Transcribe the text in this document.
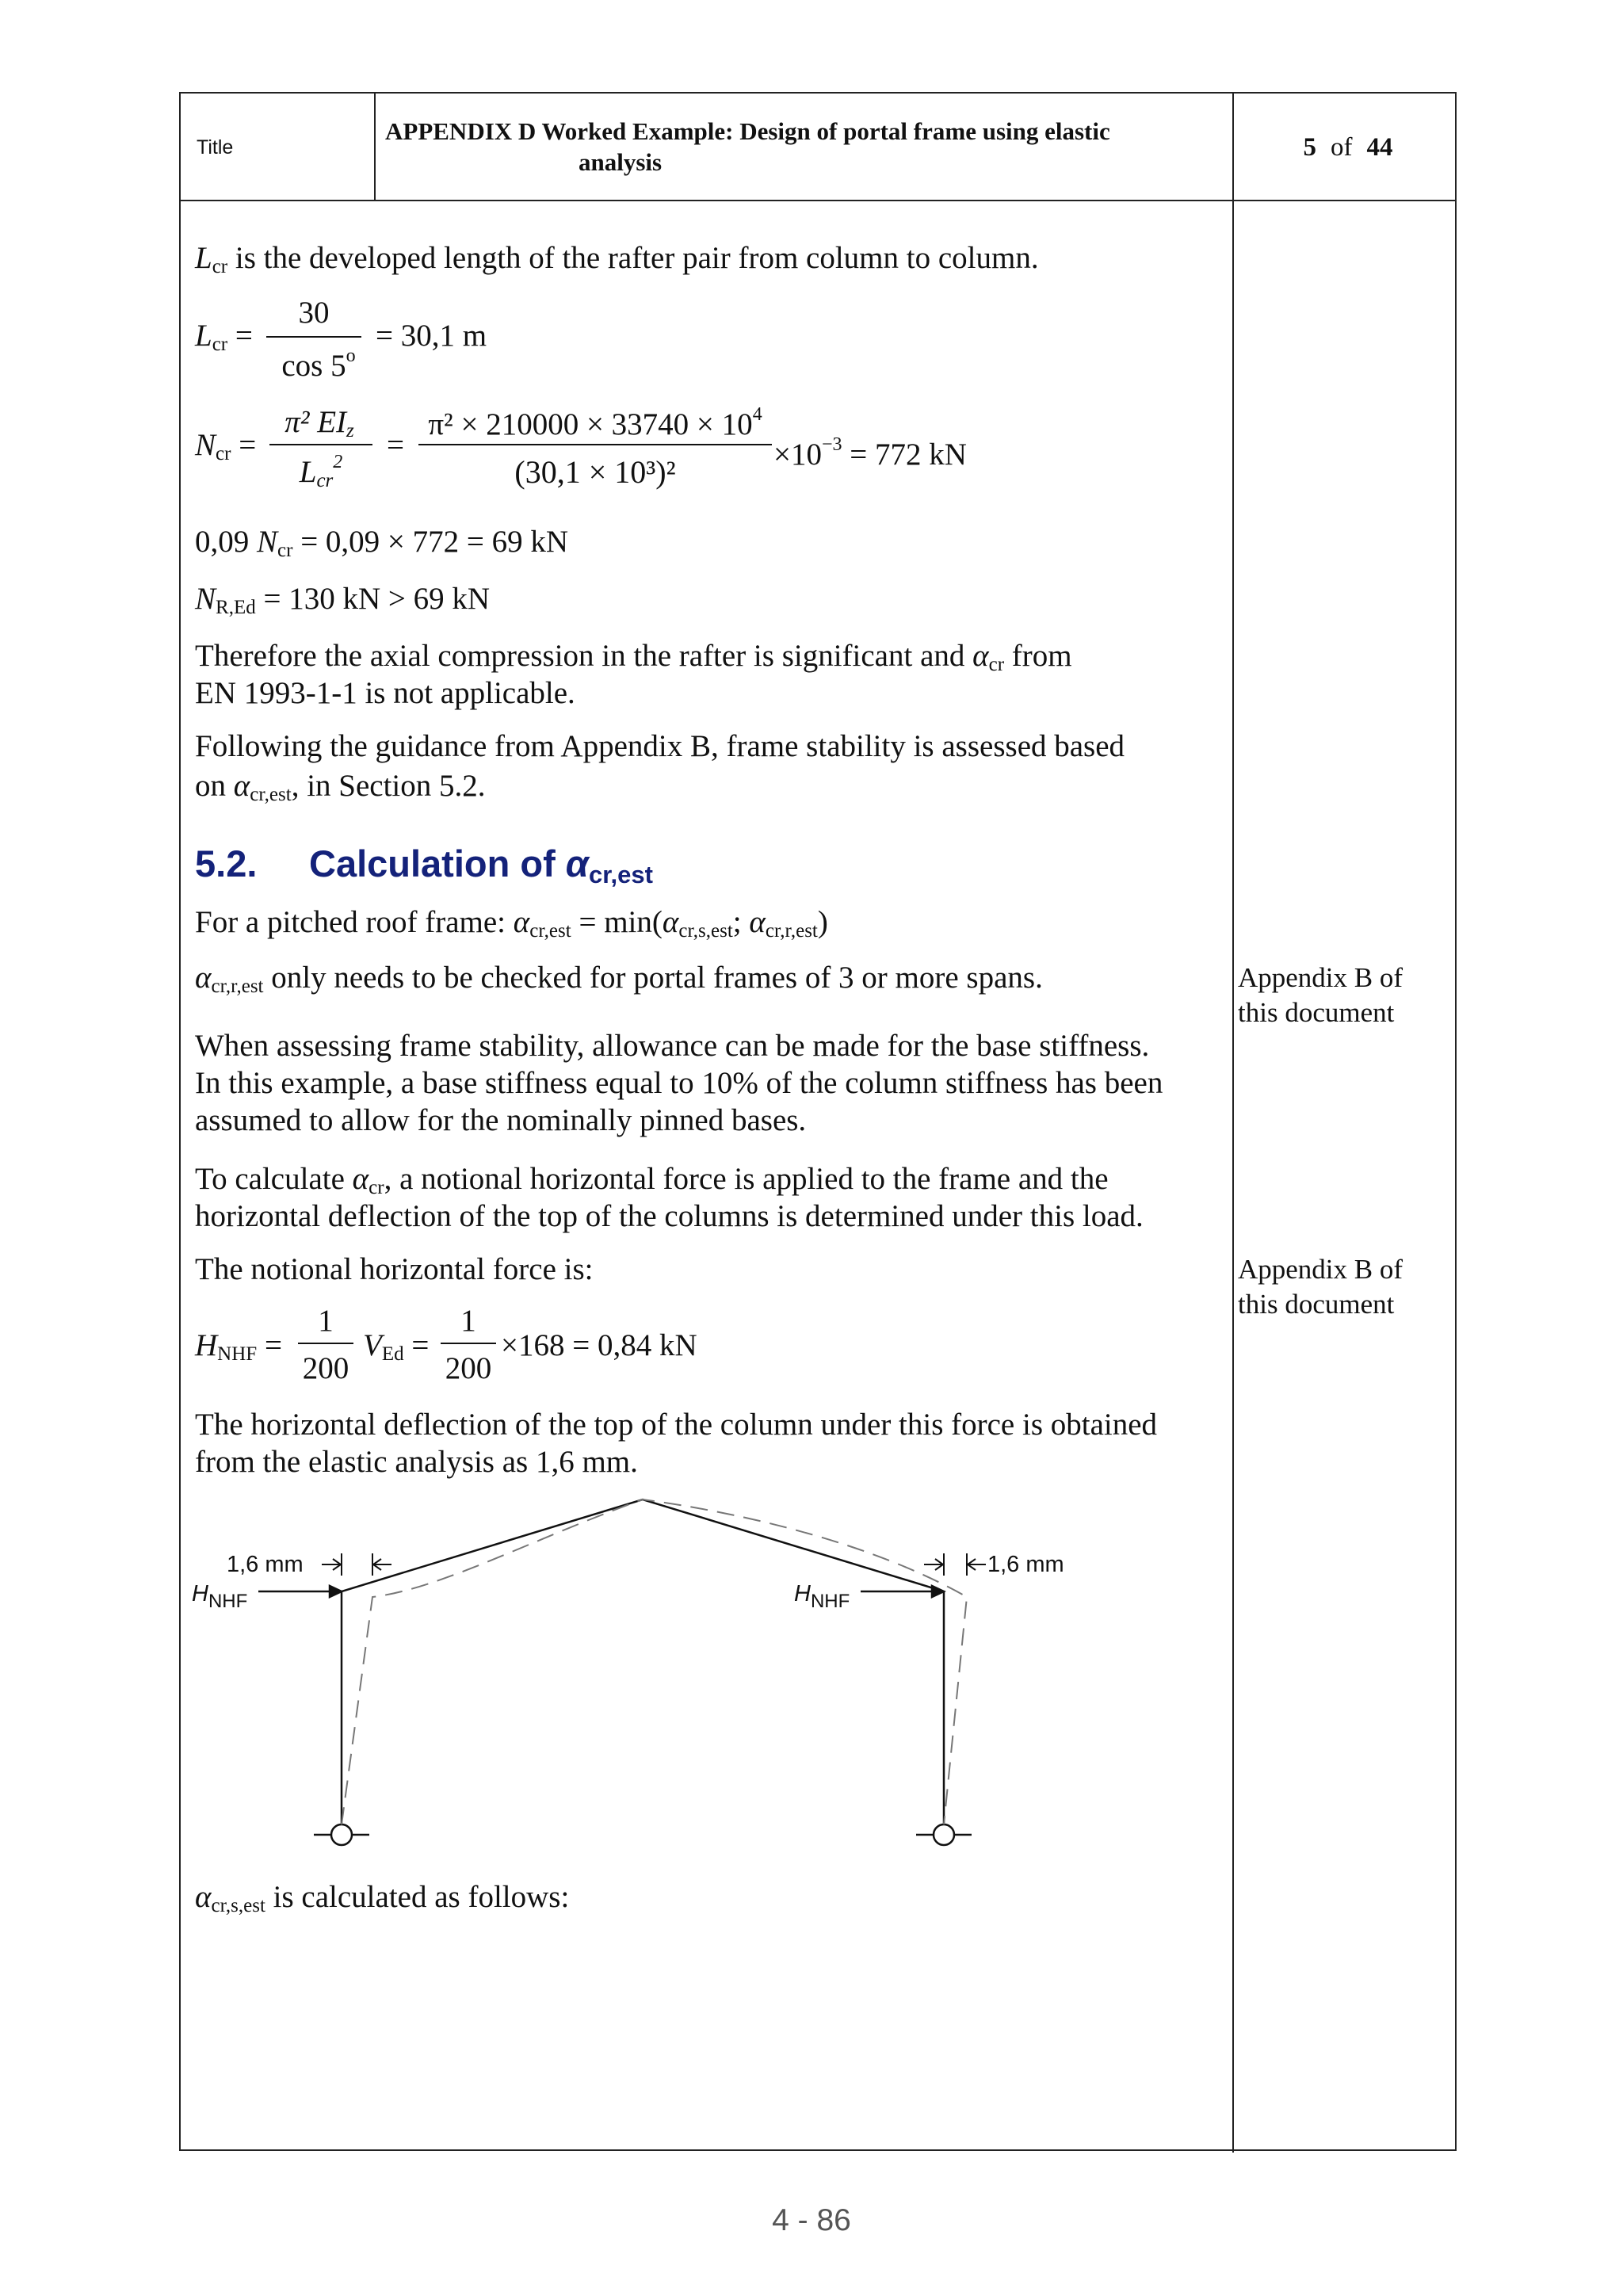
Title
APPENDIX D Worked Example: Design of portal frame using elastic
analysis
5 of 44
$L_{cr}$ is the developed length of the rafter pair from column to column.
$L_{cr}$ =
30
$\cos 5^o$
= 30,1 m
$N_{cr}$ =
π² $EI_z$
$L_{cr}^2$	=
$\pi^2 \times 210000 \times 33740 \times 10^4$
(30,1 × 10³)²	$\times 10^{-3} = 772$ kN
0,09 $N_{cr} = 0,09 \times 772 = 69$ kN
$N_{R,Ed} = 130$ kN > 69 kN
Therefore the axial compression in the rafter is significant and $\alpha_{cr}$ from
EN 1993-1-1 is not applicable.
Following the guidance from Appendix B, frame stability is assessed based
on $\alpha_{cr,est}$, in Section 5.2.
5.2. Calculation of αcr,est
For a pitched roof frame: $\alpha_{cr,est} = \min(\alpha_{cr,s,est}$; $\alpha_{cr,r,est}$)
$\alpha_{cr,r,est}$ only needs to be checked for portal frames of 3 or more spans.
When assessing frame stability, allowance can be made for the base stiffness.
In this example, a base stiffness equal to 10% of the column stiffness has been
assumed to allow for the nominally pinned bases.
To calculate $\alpha_{cr}$, a notional horizontal force is applied to the frame and the
horizontal deflection of the top of the columns is determined under this load.
The notional horizontal force is:
$H_{NHF}$ =
1
200
$V_{Ed}$ =
1
200
×168 = 0,84 kN
The horizontal deflection of the top of the column under this force is obtained
from the elastic analysis as 1,6 mm.
1,6 mm	1,6 mm
$H_{NHF}$	$H_{NHF}$
$\alpha_{cr,s,est}$ is calculated as follows:
Appendix B of
this document
Appendix B of
this document
4 - 86
